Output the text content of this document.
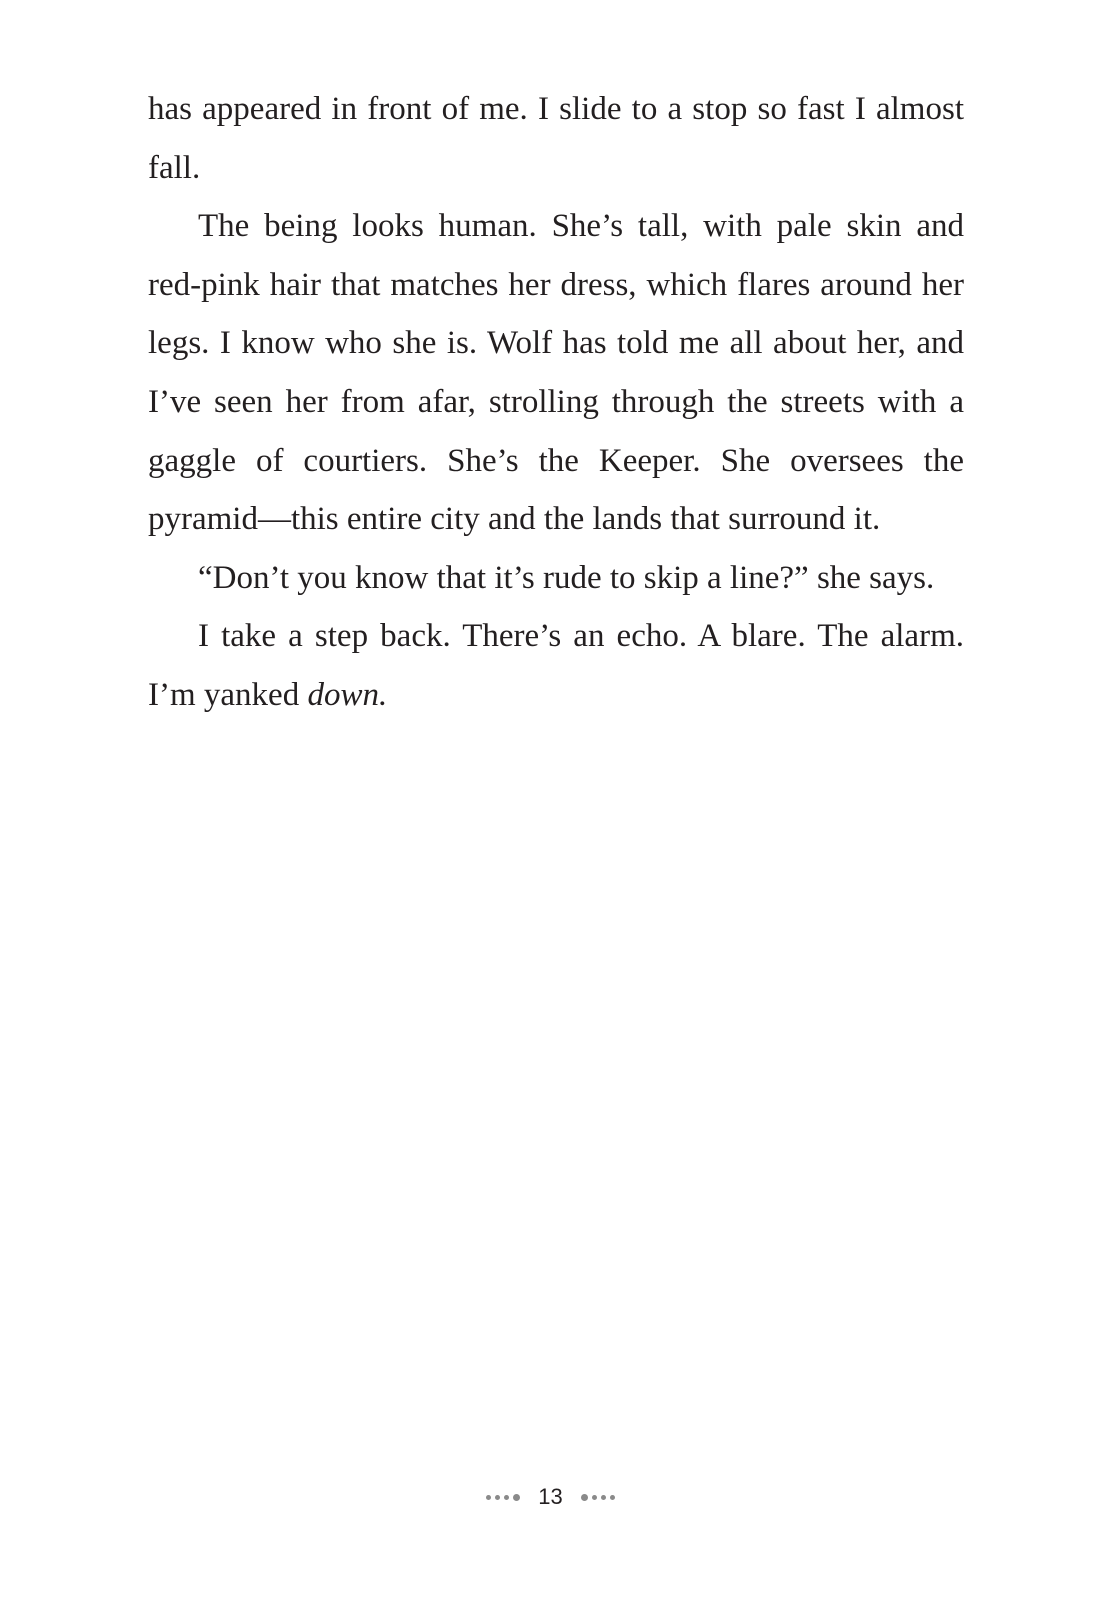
has appeared in front of me. I slide to a stop so fast I almost fall.

The being looks human. She’s tall, with pale skin and red-pink hair that matches her dress, which flares around her legs. I know who she is. Wolf has told me all about her, and I’ve seen her from afar, strolling through the streets with a gaggle of courtiers. She’s the Keeper. She oversees the pyramid—this entire city and the lands that surround it.

“Don’t you know that it’s rude to skip a line?” she says.

I take a step back. There’s an echo. A blare. The alarm. I’m yanked down.

13
